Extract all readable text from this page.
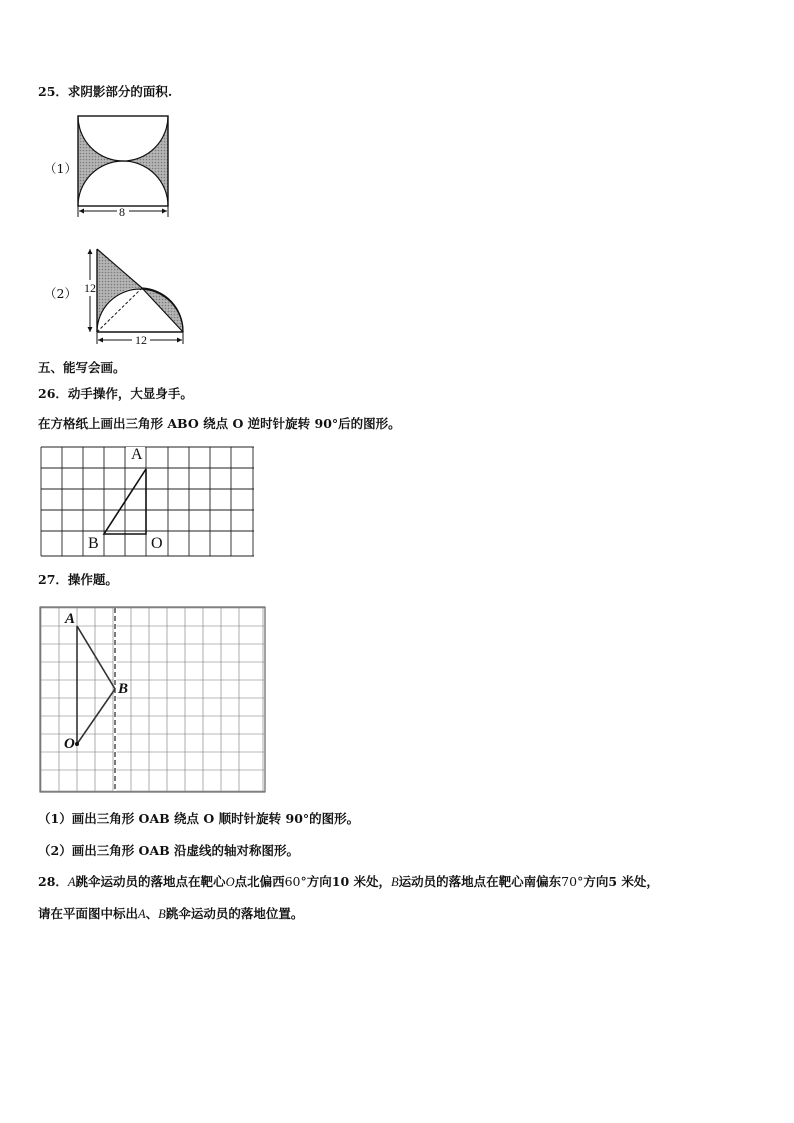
25．求阴影部分的面积.
（1）
8
（2） 12
12
五、能写会画。
26．动手操作，大显身手。
在方格纸上画出三角形 ABO 绕点 O 逆时针旋转 90°后的图形。
A
B	O
27．操作题。
A
B
O
（1）画出三角形 OAB 绕点 O 顺时针旋转 90°的图形。
（2）画出三角形 OAB 沿虚线的轴对称图形。
28．A跳伞运动员的落地点在靶心O点北偏西60°方向10 米处，B运动员的落地点在靶心南偏东70°方向5 米处，
请在平面图中标出A、B跳伞运动员的落地位置。
